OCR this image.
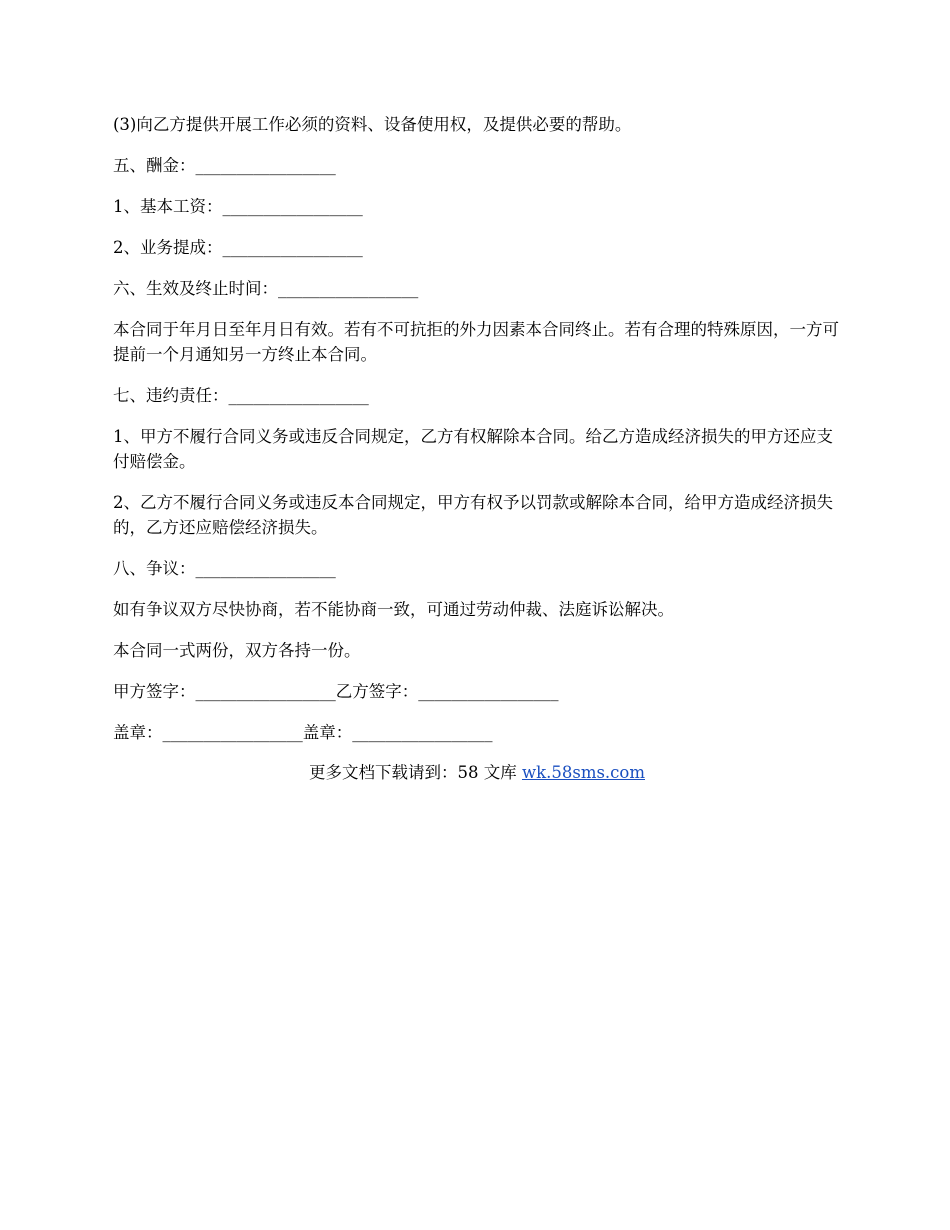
(3)向乙方提供开展工作必须的资料、设备使用权，及提供必要的帮助。

五、酬金：_________________

1、基本工资：_________________

2、业务提成：_________________

六、生效及终止时间：_________________

本合同于年月日至年月日有效。若有不可抗拒的外力因素本合同终止。若有合理的特殊原因，一方可提前一个月通知另一方终止本合同。

七、违约责任：_________________

1、甲方不履行合同义务或违反合同规定，乙方有权解除本合同。给乙方造成经济损失的甲方还应支付赔偿金。

2、乙方不履行合同义务或违反本合同规定，甲方有权予以罚款或解除本合同，给甲方造成经济损失的，乙方还应赔偿经济损失。

八、争议：_________________

如有争议双方尽快协商，若不能协商一致，可通过劳动仲裁、法庭诉讼解决。

本合同一式两份，双方各持一份。

甲方签字：_________________乙方签字：_________________

盖章：_________________盖章：_________________

更多文档下载请到：58 文库 wk.58sms.com
